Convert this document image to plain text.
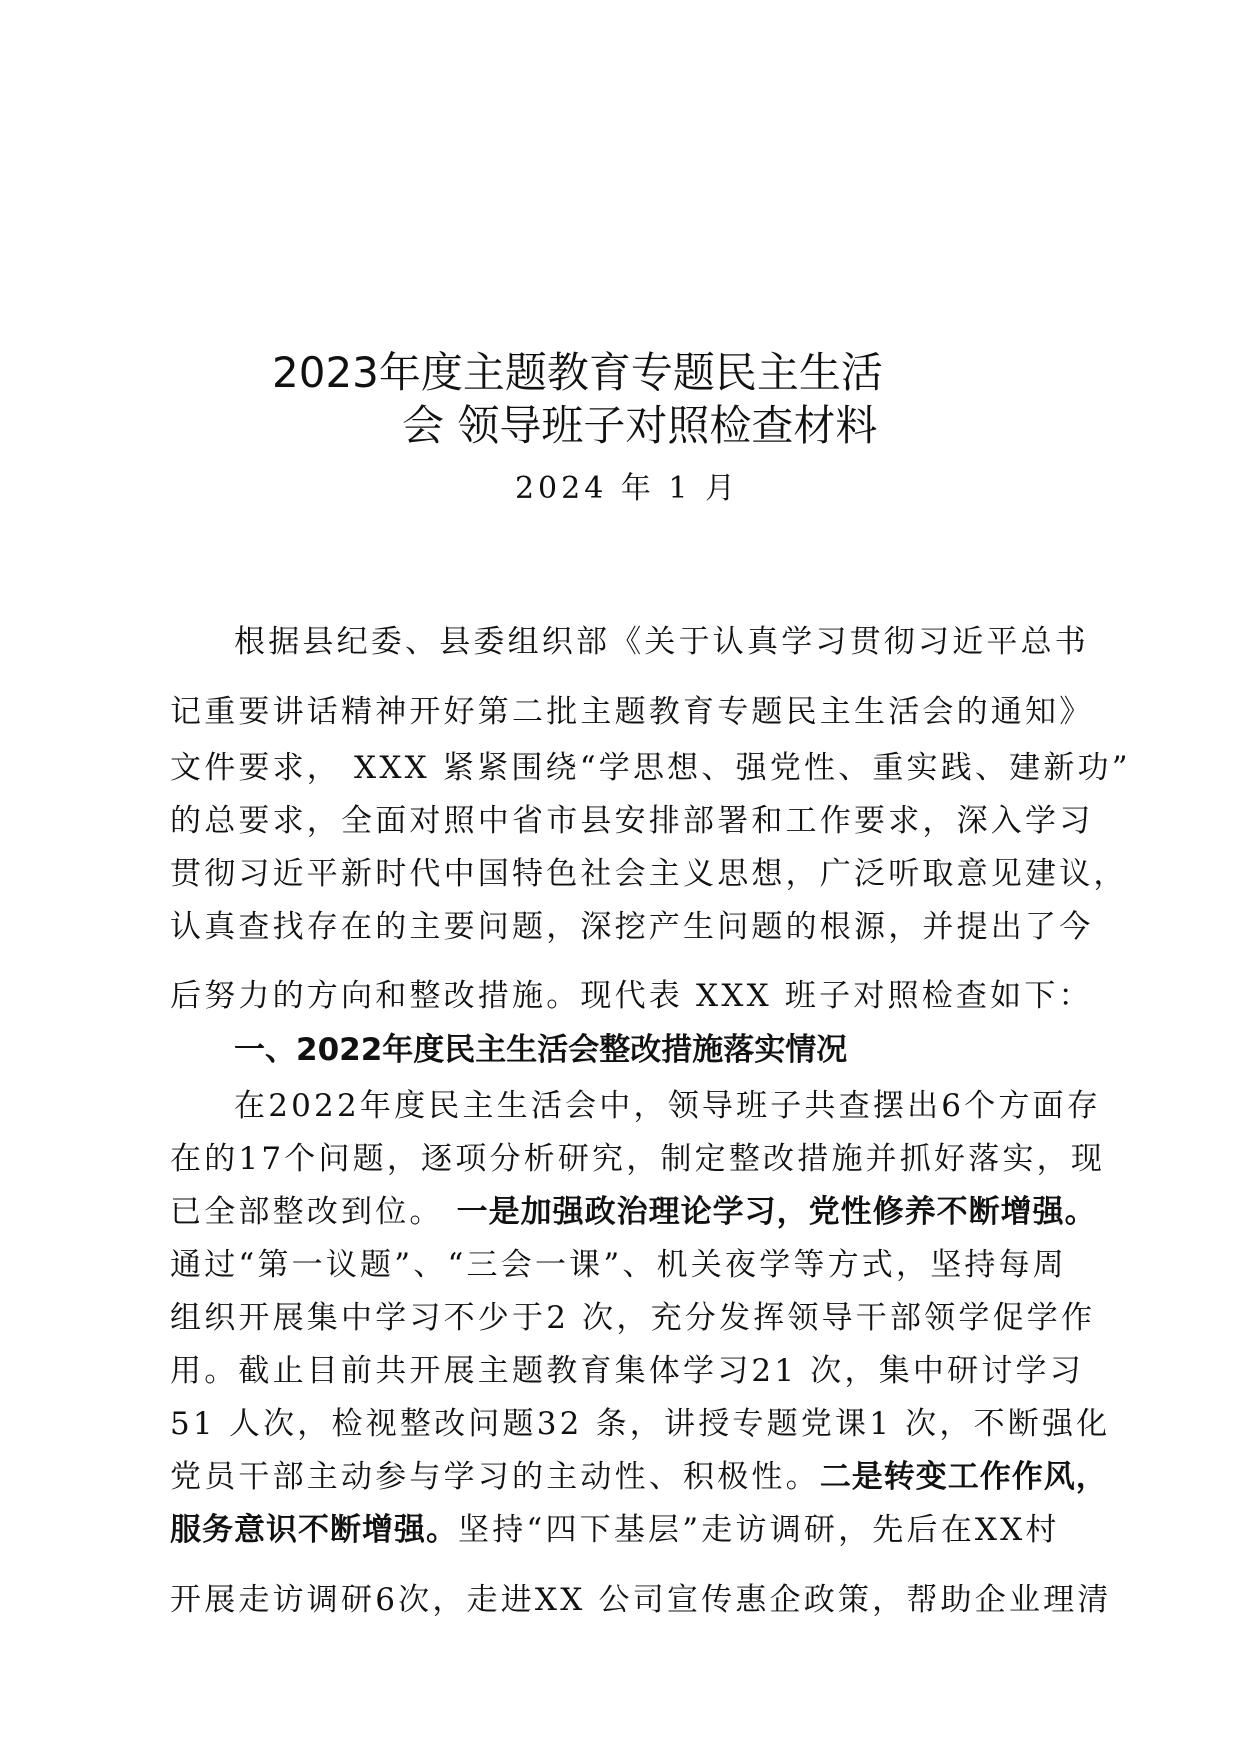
2023年度主题教育专题民主生活
会 领导班子对照检查材料
2024 年 1 月
根据县纪委、县委组织部《关于认真学习贯彻习近平总书
记重要讲话精神开好第二批主题教育专题民主生活会的通知》
文件要求， XXX 紧紧围绕“学思想、强党性、重实践、建新功”
的总要求，全面对照中省市县安排部署和工作要求，深入学习
贯彻习近平新时代中国特色社会主义思想，广泛听取意见建议，
认真查找存在的主要问题，深挖产生问题的根源，并提出了今
后努力的方向和整改措施。现代表 XXX 班子对照检查如下：
一、2022年度民主生活会整改措施落实情况
在2022年度民主生活会中，领导班子共查摆出6个方面存
在的17个问题，逐项分析研究，制定整改措施并抓好落实，现
已全部整改到位。 一是加强政治理论学习，党性修养不断增强。
通过“第一议题”、“三会一课”、机关夜学等方式，坚持每周
组织开展集中学习不少于2 次，充分发挥领导干部领学促学作
用。截止目前共开展主题教育集体学习21 次，集中研讨学习
51 人次，检视整改问题32 条，讲授专题党课1 次，不断强化
党员干部主动参与学习的主动性、积极性。二是转变工作作风，
服务意识不断增强。坚持“四下基层”走访调研，先后在XX村
开展走访调研6次，走进XX 公司宣传惠企政策，帮助企业理清
